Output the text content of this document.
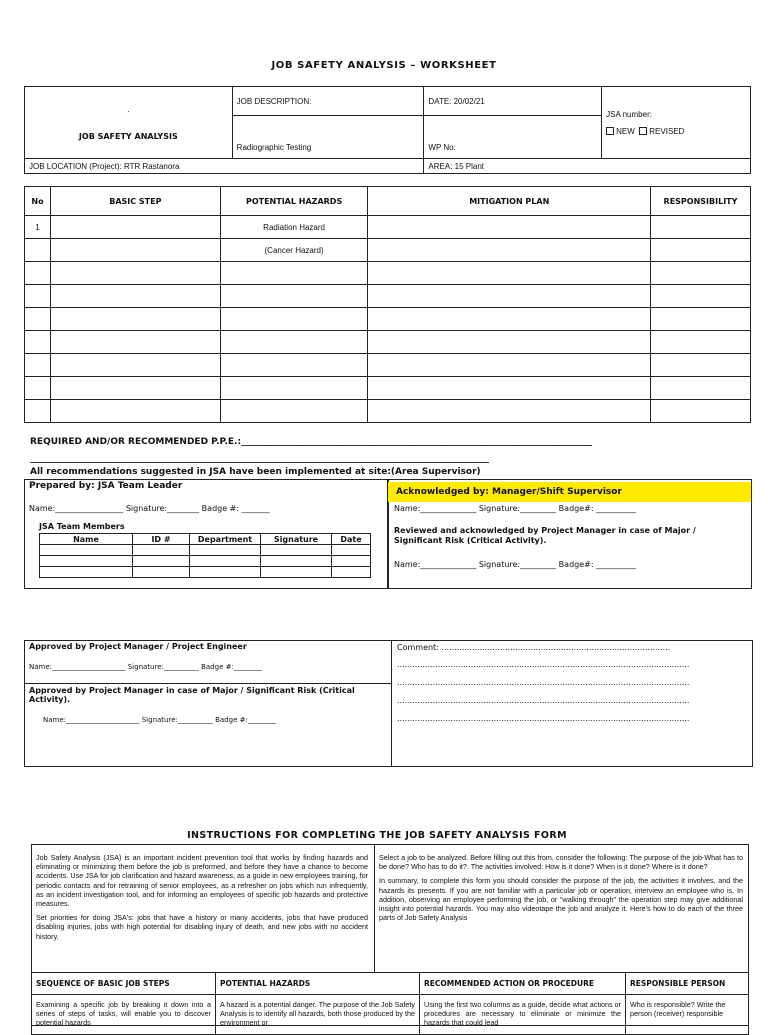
JOB SAFETY ANALYSIS – WORKSHEET
·	JOB DESCRIPTION:	DATE: 20/02/21	JSA number:
NEW REVISED

JOB SAFETY ANALYSIS	Radiographic Testing	WP No:	
JOB LOCATION (Project): RTR Rastanora		AREA: 15 Plant	
No	BASIC STEP	POTENTIAL HAZARDS	MITIGATION PLAN	RESPONSIBILITY
1		Radiation Hazard		
		(Cancer Hazard)		

REQUIRED AND/OR RECOMMENDED P.P.E.:______________________________________________________________________________
______________________________________________________________________________________________________
All recommendations suggested in JSA have been implemented at site:(Area Supervisor)
Prepared by: JSA Team Leader
Name:_________________ Signature:________ Badge #: _______
JSA Team Members
Name	ID #	Department	Signature	Date

Acknowledged by: Manager/Shift Supervisor
Name:______________ Signature:_________ Badge#: __________
Reviewed and acknowledged by Project Manager in case of Major / Significant Risk (Critical Activity).
Name:______________ Signature:_________ Badge#: __________
Approved by Project Manager / Project Engineer
Name:_____________________ Signature:__________ Badge #:________
Approved by Project Manager in case of Major / Significant Risk (Critical Activity).
Name:_____________________ Signature:__________ Badge #:________
Comment: ..........................................................................................
...................................................................................................................
...................................................................................................................
...................................................................................................................
...................................................................................................................
INSTRUCTIONS FOR COMPLETING THE JOB SAFETY ANALYSIS FORM

Job Safety Analysis (JSA) is an important incident prevention tool that works by finding hazards and eliminating or minimizing them before the job is preformed, and before they have a chance to become accidents. Use JSA for job clarification and hazard awareness, as a guide in new employees training, for periodic contacts and for retraining of senior employees, as a refresher on jobs which run infrequently, as an incident investigation tool, and for informing an employees of specific job hazards and protective measures.

Set priorities for doing JSA's: jobs that have a history or many accidents, jobs that have produced disabling injuries, jobs with high potential for disabling injury of death, and new jobs with no accident history.

Select a job to be analyzed. Before filling out this from, consider the following: The purpose of the job-What has to be done? Who has to do it?. The activities involved: How is it done? When is it done? Where is it done?

In summary, to complete this form you should consider the purpose of the job, the activities it involves, and the hazards its presents. If you are not familiar with a particular job or operation, interview an employee who is. In addition, observing an employee performing the job, or "walking through" the operation step may give additional insight into potential hazards. You may also videotape the job and analyze it. Here's how to do each of the three parts of Job Safety Analysis

SEQUENCE OF BASIC JOB STEPS	POTENTIAL HAZARDS	RECOMMENDED ACTION OR PROCEDURE	RESPONSIBLE PERSON
Examining a specific job by breaking it down into a series of steps of tasks, will enable you to discover potential hazards	A hazard is a potential danger. The purpose of the Job Safety Analysis is to identify all hazards, both those produced by the environment or	Using the first two columns as a guide, decide what actions or procedures are necessary to eliminate or minimize the hazards that could lead	Who is responsible? Write the person (receiver) responsible
